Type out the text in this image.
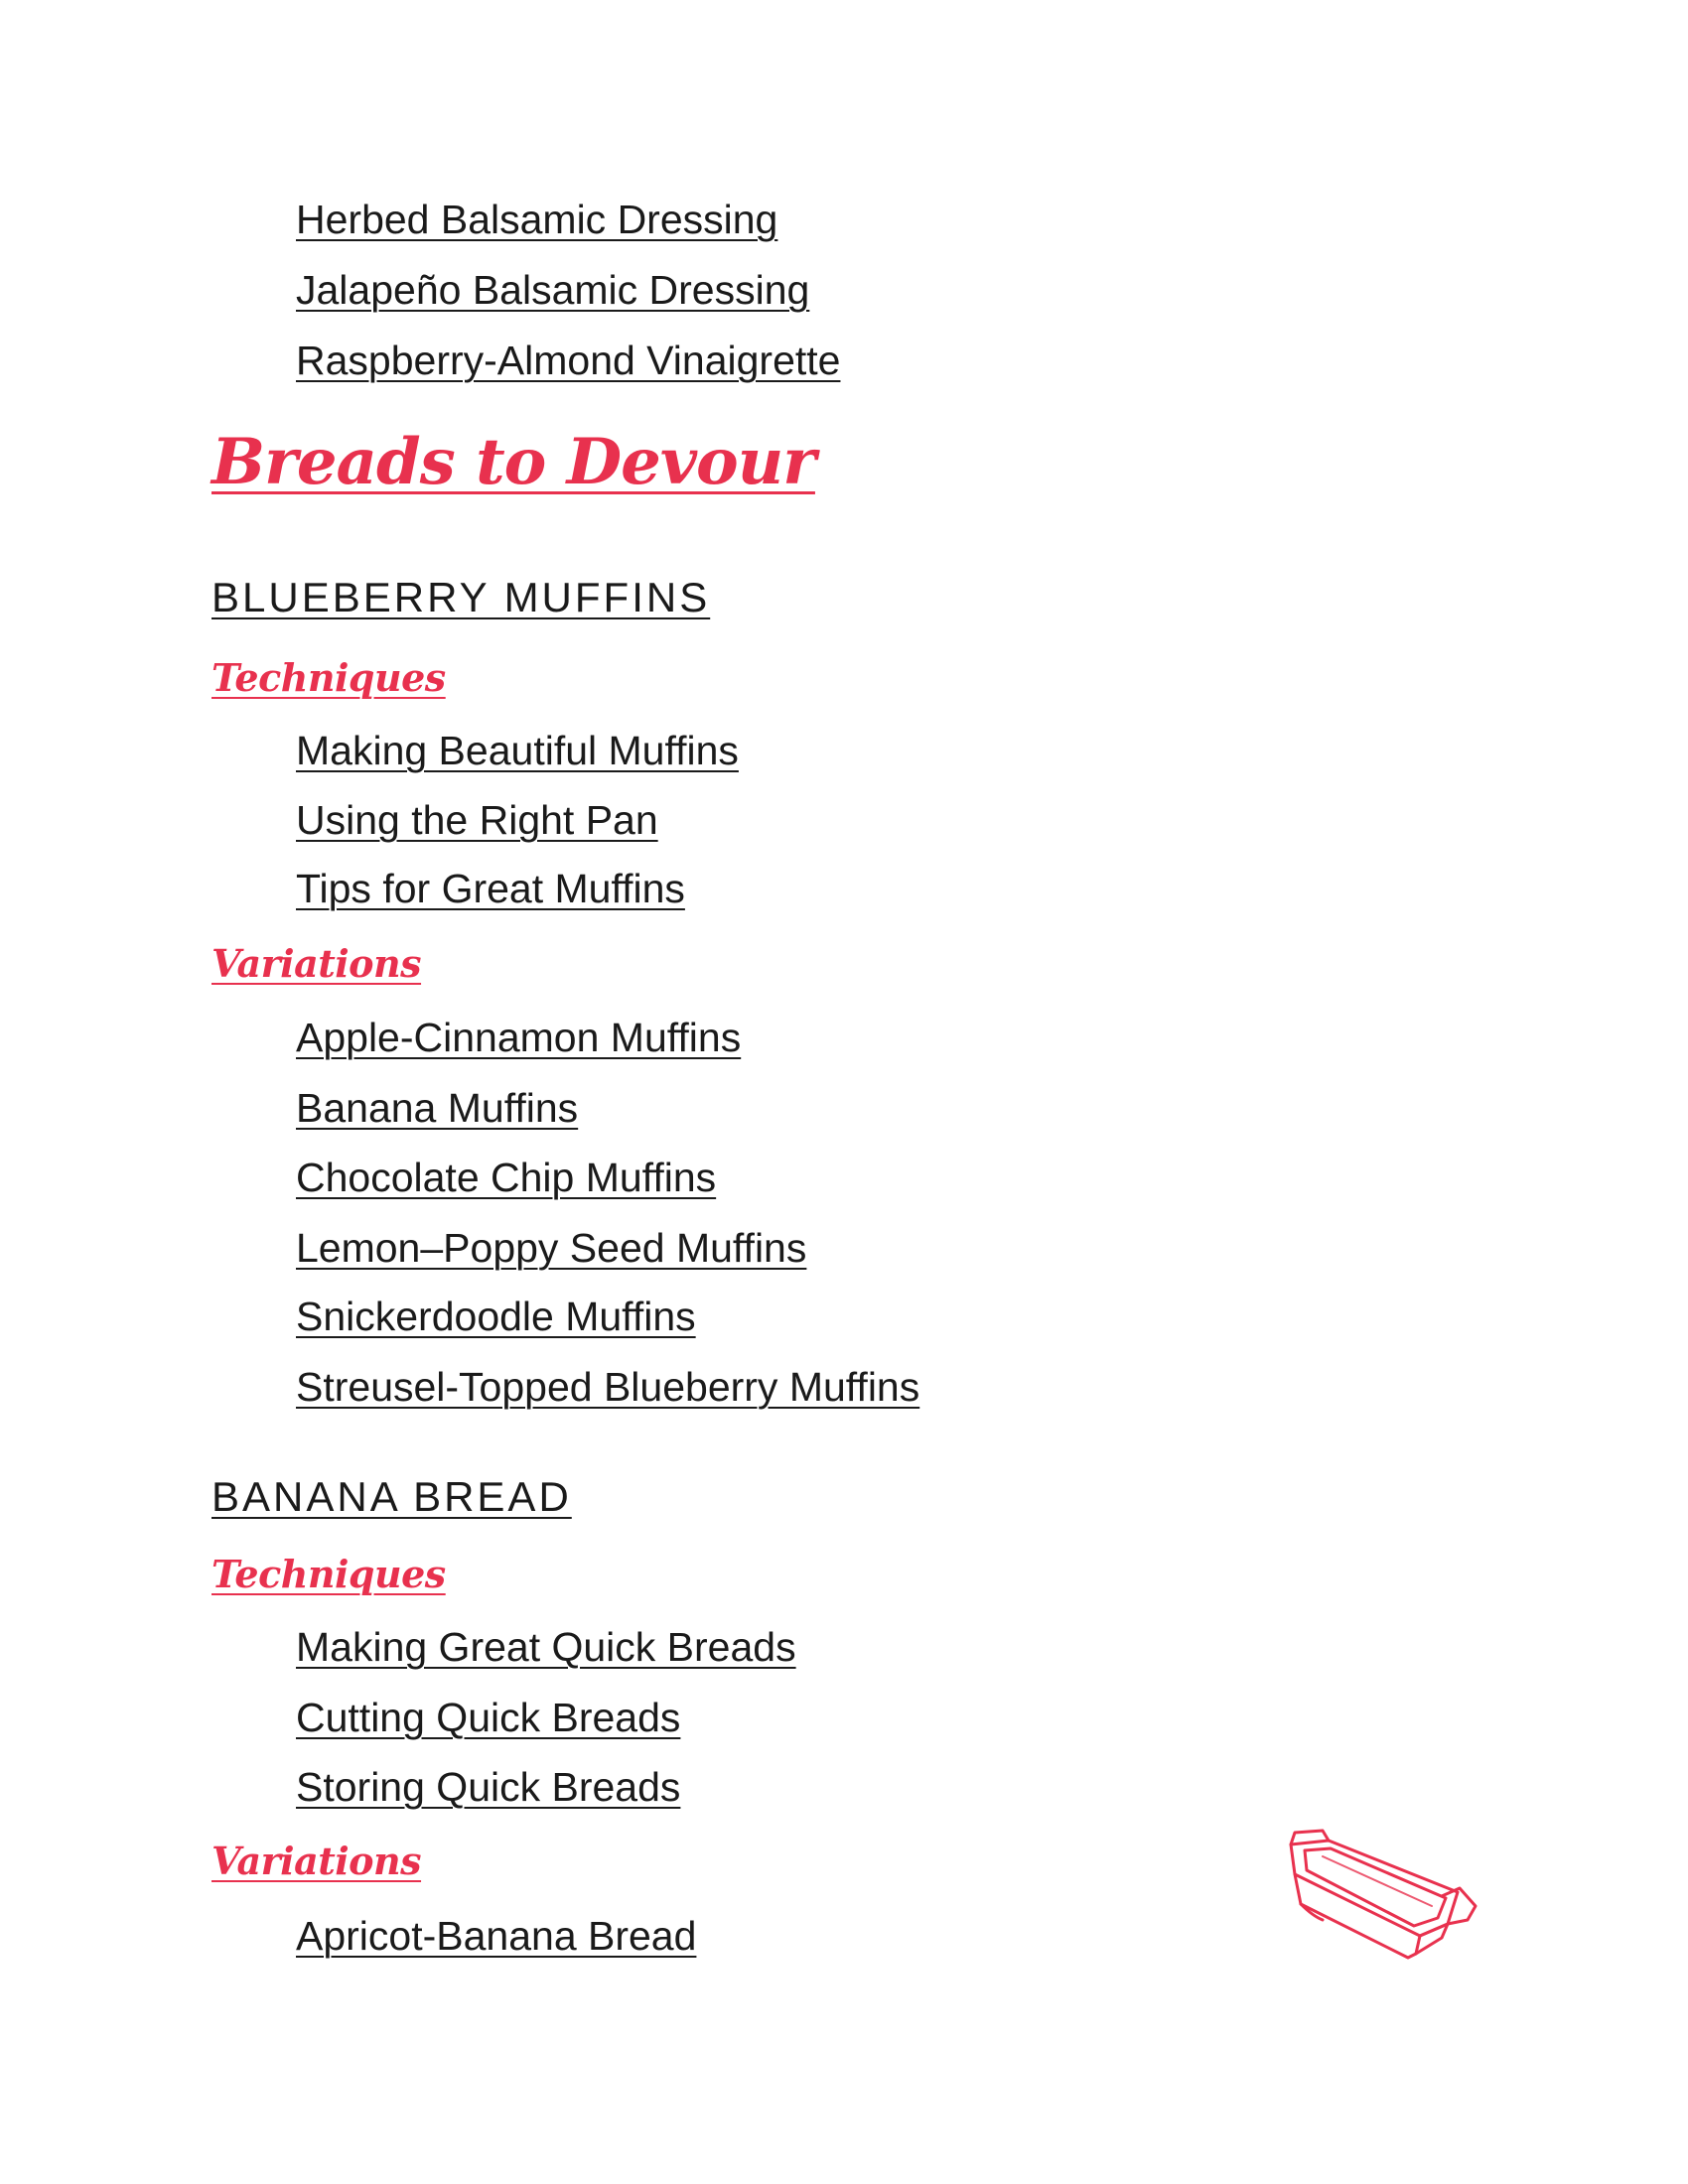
Herbed Balsamic Dressing
Jalapeño Balsamic Dressing
Raspberry-Almond Vinaigrette
Breads to Devour
BLUEBERRY MUFFINS
Techniques
Making Beautiful Muffins
Using the Right Pan
Tips for Great Muffins
Variations
Apple-Cinnamon Muffins
Banana Muffins
Chocolate Chip Muffins
Lemon–Poppy Seed Muffins
Snickerdoodle Muffins
Streusel-Topped Blueberry Muffins
BANANA BREAD
Techniques
Making Great Quick Breads
Cutting Quick Breads
Storing Quick Breads
Variations
Apricot-Banana Bread
